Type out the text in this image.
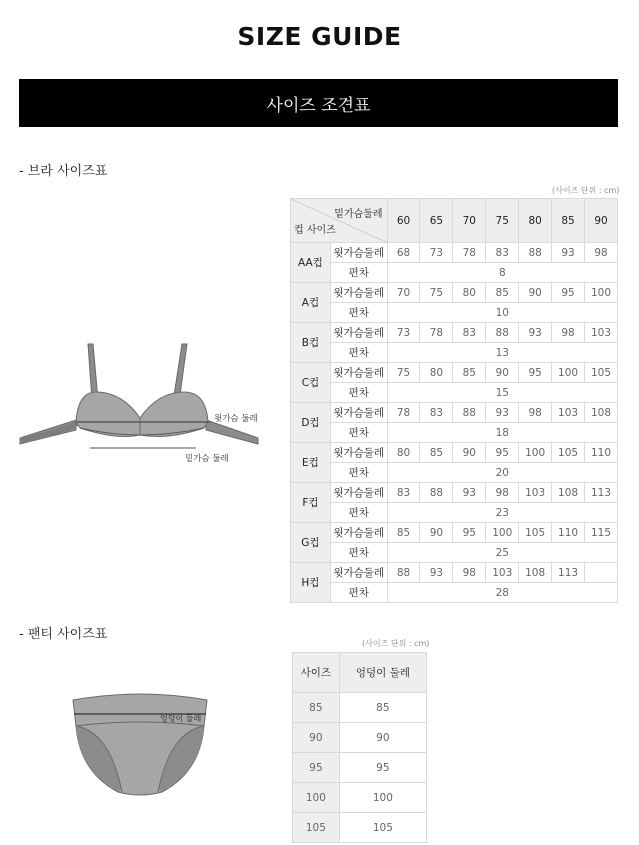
SIZE GUIDE
사이즈 조견표
- 브라 사이즈표
(사이즈 단위 : cm)
윗가슴 둘레
밑가슴 둘레
밑가슴둘레
컵 사이즈		60	65	70	75	80	85	90
AA컵	윗가슴둘레	68	73	78	83	88	93	98
	편차	8						
A컵	윗가슴둘레	70	75	80	85	90	95	100
	편차	10						
B컵	윗가슴둘레	73	78	83	88	93	98	103
	편차	13						
C컵	윗가슴둘레	75	80	85	90	95	100	105
	편차	15						
D컵	윗가슴둘레	78	83	88	93	98	103	108
	편차	18						
E컵	윗가슴둘레	80	85	90	95	100	105	110
	편차	20						
F컵	윗가슴둘레	83	88	93	98	103	108	113
	편차	23						
G컵	윗가슴둘레	85	90	95	100	105	110	115
	편차	25						
H컵	윗가슴둘레	88	93	98	103	108	113	
	편차	28						
- 팬티 사이즈표
(사이즈 단위 : cm)
엉덩이 둘레
사이즈	엉덩이 둘레
85	85
90	90
95	95
100	100
105	105
